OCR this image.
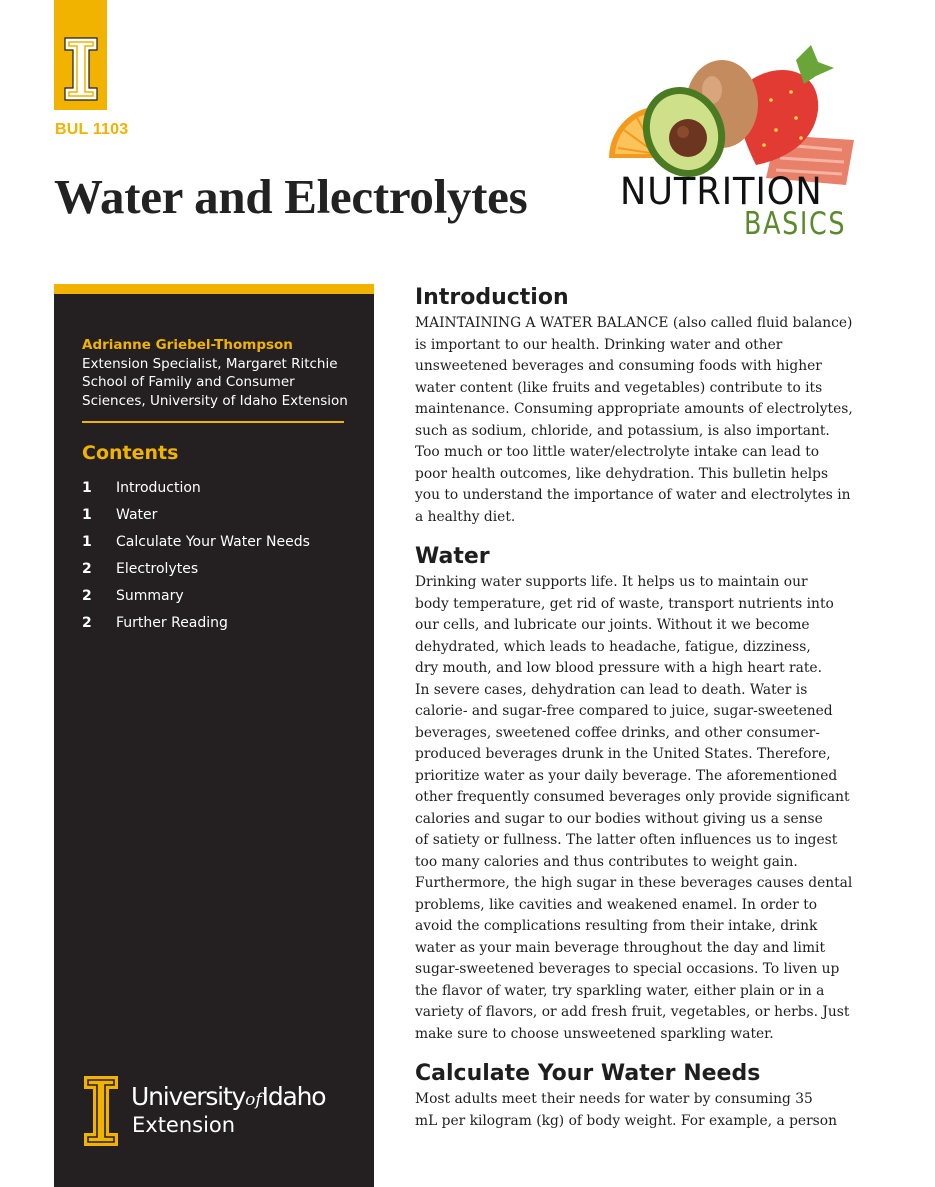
BUL 1103
Water and Electrolytes	NUTRITION
BASICS
Adrianne Griebel-Thompson
Extension Specialist, Margaret Ritchie School of Family and Consumer Sciences, University of Idaho Extension
Contents
1	Introduction
1	Water
1	Calculate Your Water Needs
2	Electrolytes
2	Summary
2	Further Reading
UniversityofIdaho
Extension
Introduction

MAINTAINING A WATER BALANCE (also called fluid balance)
is important to our health. Drinking water and other
unsweetened beverages and consuming foods with higher
water content (like fruits and vegetables) contribute to its
maintenance. Consuming appropriate amounts of electrolytes,
such as sodium, chloride, and potassium, is also important.
Too much or too little water/electrolyte intake can lead to
poor health outcomes, like dehydration. This bulletin helps
you to understand the importance of water and electrolytes in
a healthy diet.

Water

Drinking water supports life. It helps us to maintain our
body temperature, get rid of waste, transport nutrients into
our cells, and lubricate our joints. Without it we become
dehydrated, which leads to headache, fatigue, dizziness,
dry mouth, and low blood pressure with a high heart rate.
In severe cases, dehydration can lead to death. Water is
calorie- and sugar-free compared to juice, sugar-sweetened
beverages, sweetened coffee drinks, and other consumer-
produced beverages drunk in the United States. Therefore,
prioritize water as your daily beverage. The aforementioned
other frequently consumed beverages only provide significant
calories and sugar to our bodies without giving us a sense
of satiety or fullness. The latter often influences us to ingest
too many calories and thus contributes to weight gain.
Furthermore, the high sugar in these beverages causes dental
problems, like cavities and weakened enamel. In order to
avoid the complications resulting from their intake, drink
water as your main beverage throughout the day and limit
sugar-sweetened beverages to special occasions. To liven up
the flavor of water, try sparkling water, either plain or in a
variety of flavors, or add fresh fruit, vegetables, or herbs. Just
make sure to choose unsweetened sparkling water.

Calculate Your Water Needs

Most adults meet their needs for water by consuming 35
mL per kilogram (kg) of body weight. For example, a person
